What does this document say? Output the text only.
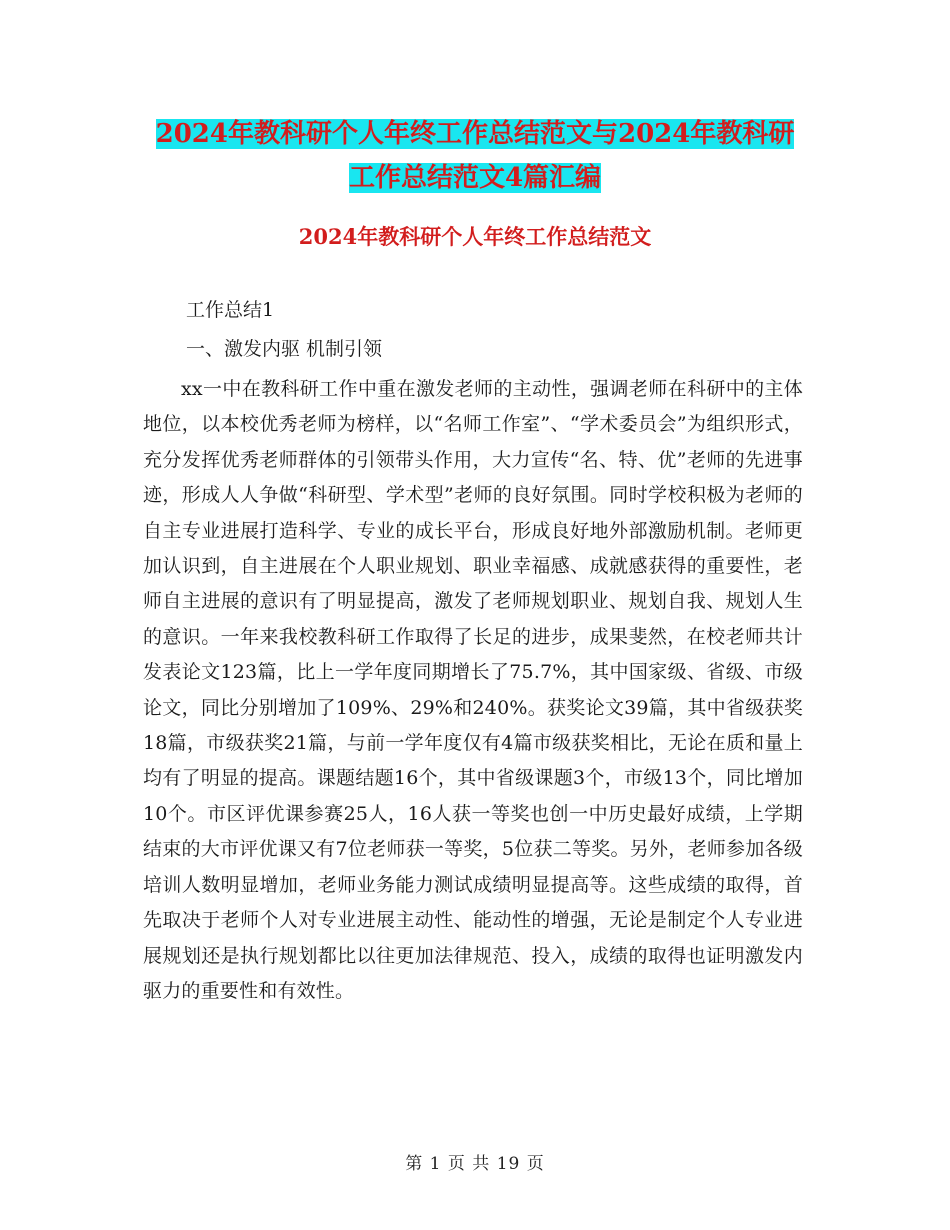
2024年教科研个人年终工作总结范文与2024年教科研
工作总结范文4篇汇编
2024年教科研个人年终工作总结范文
工作总结1
一、激发内驱 机制引领
xx一中在教科研工作中重在激发老师的主动性，强调老师在科研中的主体地位，以本校优秀老师为榜样，以“名师工作室”、“学术委员会”为组织形式，充分发挥优秀老师群体的引领带头作用，大力宣传“名、特、优”老师的先进事迹，形成人人争做“科研型、学术型”老师的良好氛围。同时学校积极为老师的自主专业进展打造科学、专业的成长平台，形成良好地外部激励机制。老师更加认识到，自主进展在个人职业规划、职业幸福感、成就感获得的重要性，老师自主进展的意识有了明显提高，激发了老师规划职业、规划自我、规划人生的意识。一年来我校教科研工作取得了长足的进步，成果斐然，在校老师共计发表论文123篇，比上一学年度同期增长了75.7%，其中国家级、省级、市级论文，同比分别增加了109%、29%和240%。获奖论文39篇，其中省级获奖18篇，市级获奖21篇，与前一学年度仅有4篇市级获奖相比，无论在质和量上均有了明显的提高。课题结题16个，其中省级课题3个，市级13个，同比增加10个。市区评优课参赛25人，16人获一等奖也创一中历史最好成绩，上学期结束的大市评优课又有7位老师获一等奖，5位获二等奖。另外，老师参加各级培训人数明显增加，老师业务能力测试成绩明显提高等。这些成绩的取得，首先取决于老师个人对专业进展主动性、能动性的增强，无论是制定个人专业进展规划还是执行规划都比以往更加法律规范、投入，成绩的取得也证明激发内驱力的重要性和有效性。
第 1 页 共 19 页
